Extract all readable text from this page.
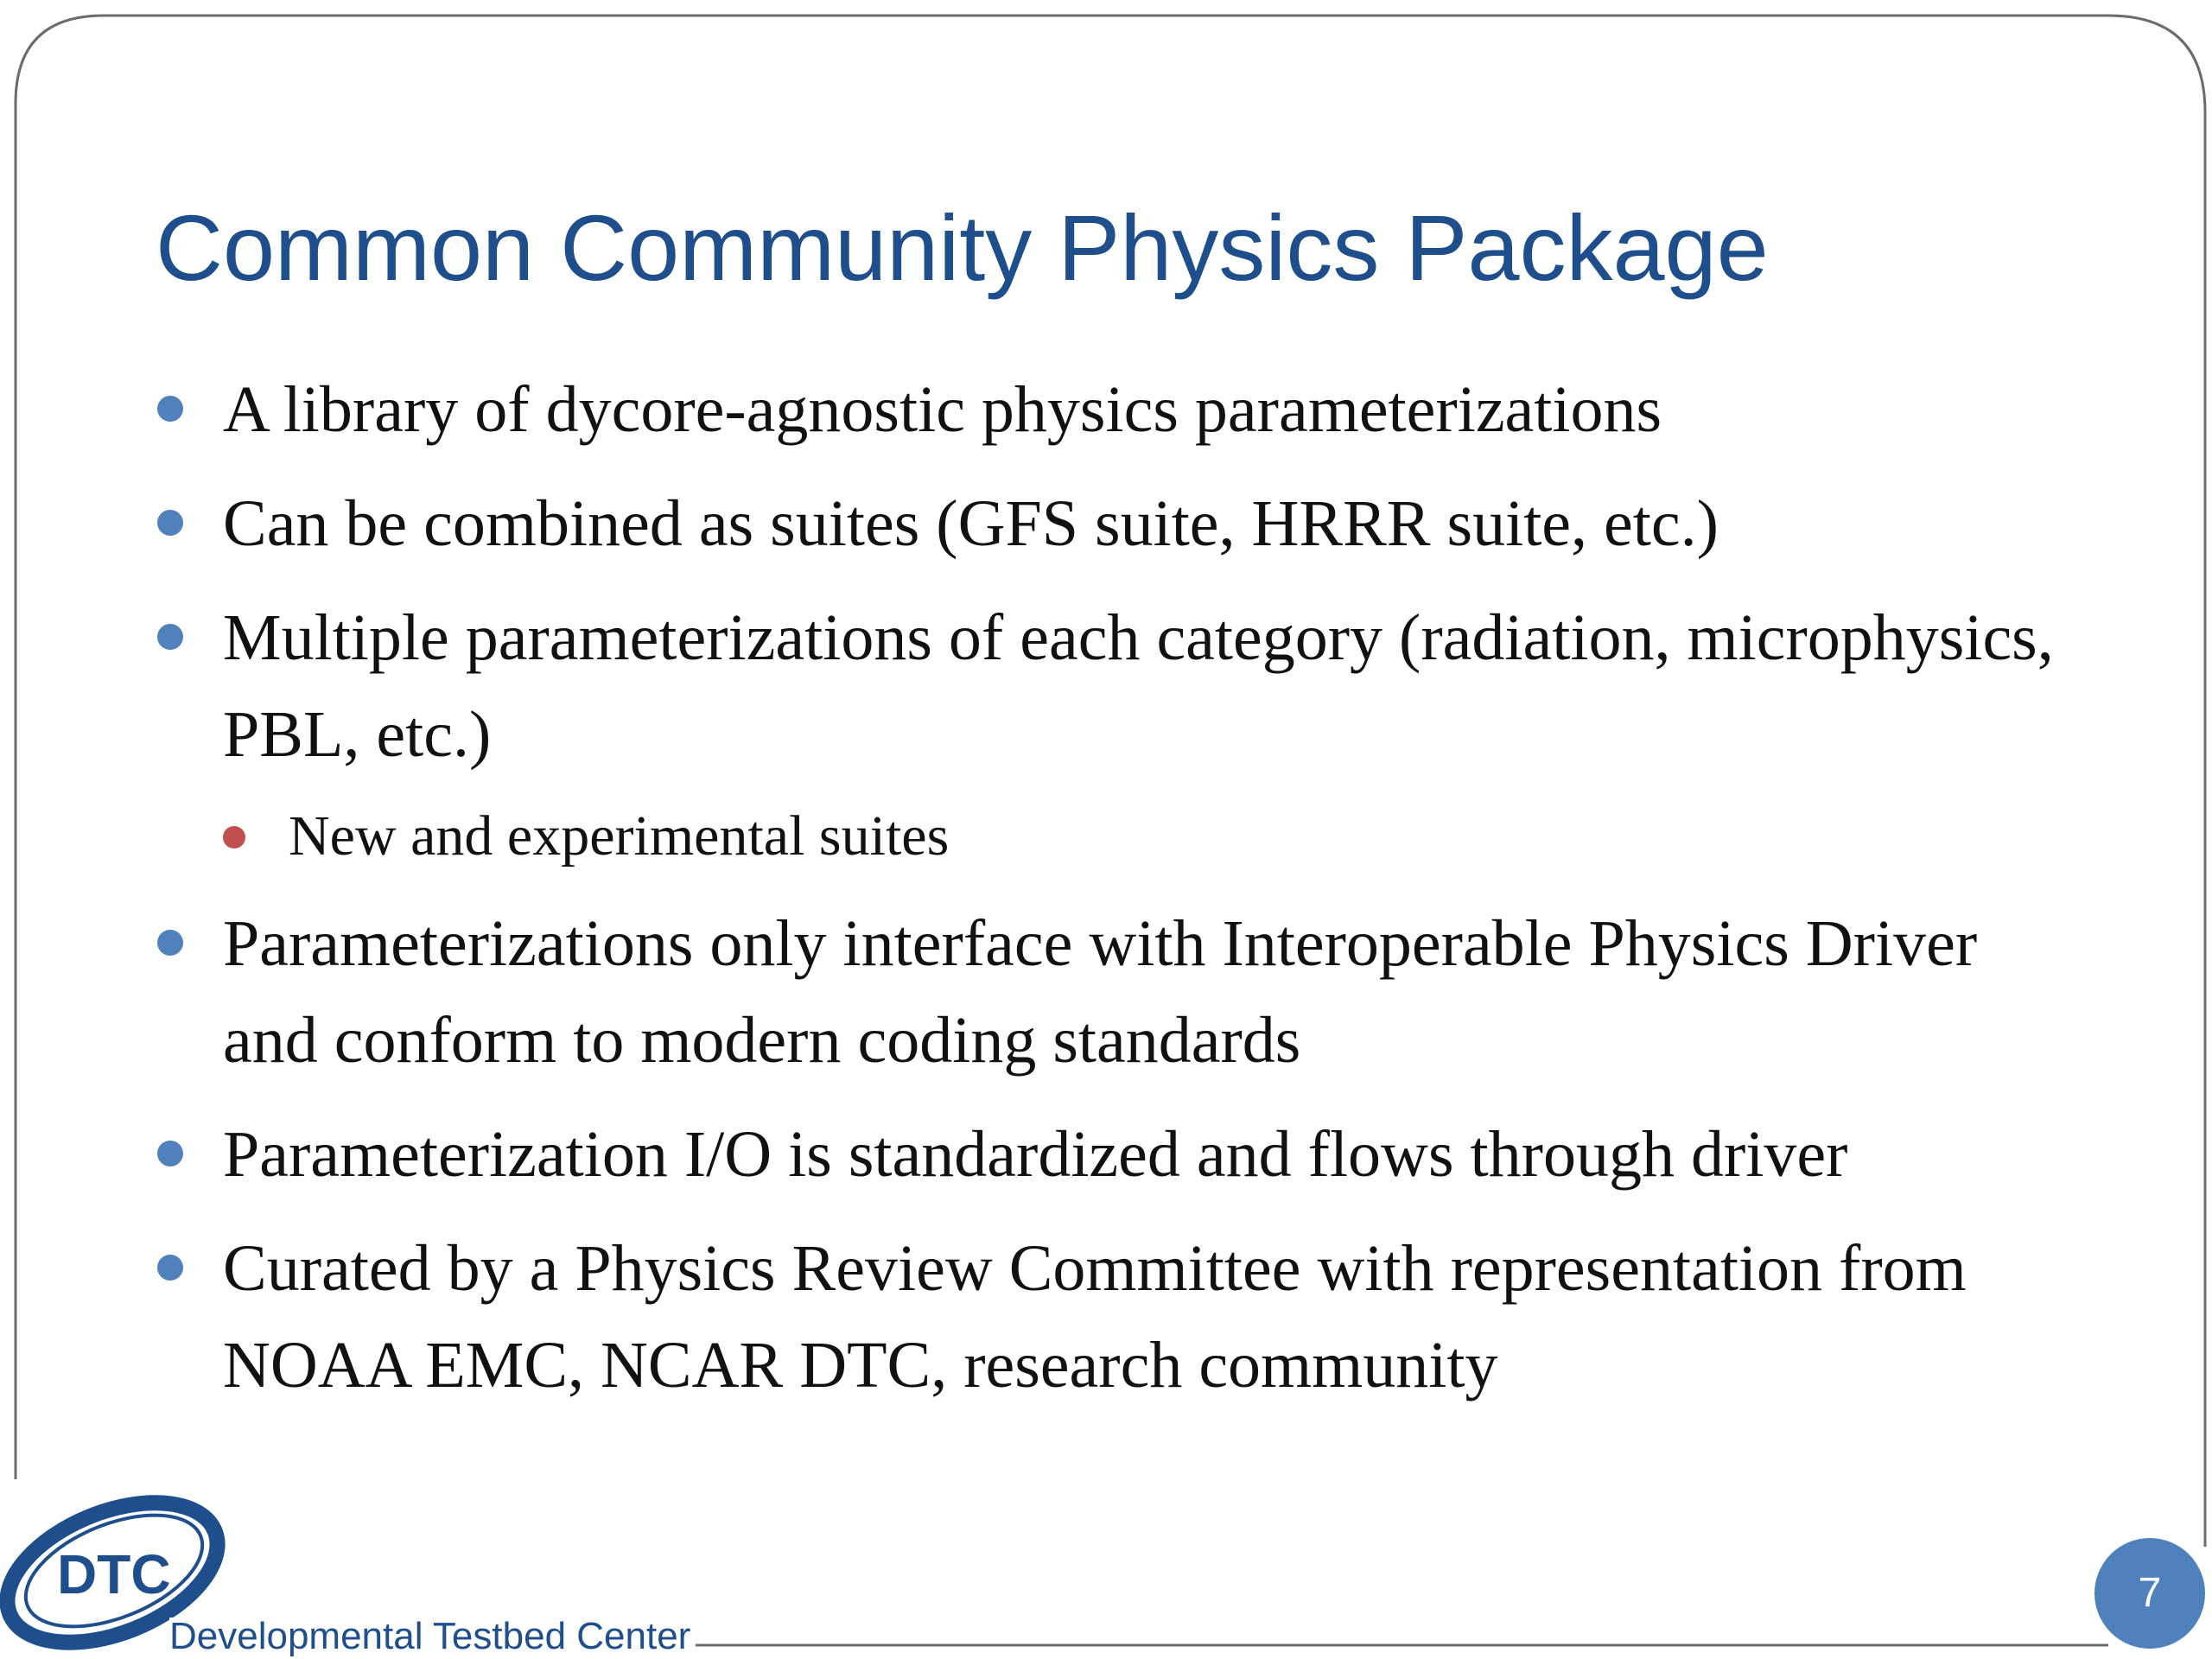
Common Community Physics Package
A library of dycore-agnostic physics parameterizations
Can be combined as suites (GFS suite, HRRR suite, etc.)
Multiple parameterizations of each category (radiation, microphysics, PBL, etc.)
New and experimental suites
Parameterizations only interface with Interoperable Physics Driver and conform to modern coding standards
Parameterization I/O is standardized and flows through driver
Curated by a Physics Review Committee with representation from NOAA EMC, NCAR DTC, research community
DTC
Developmental Testbed Center
7
